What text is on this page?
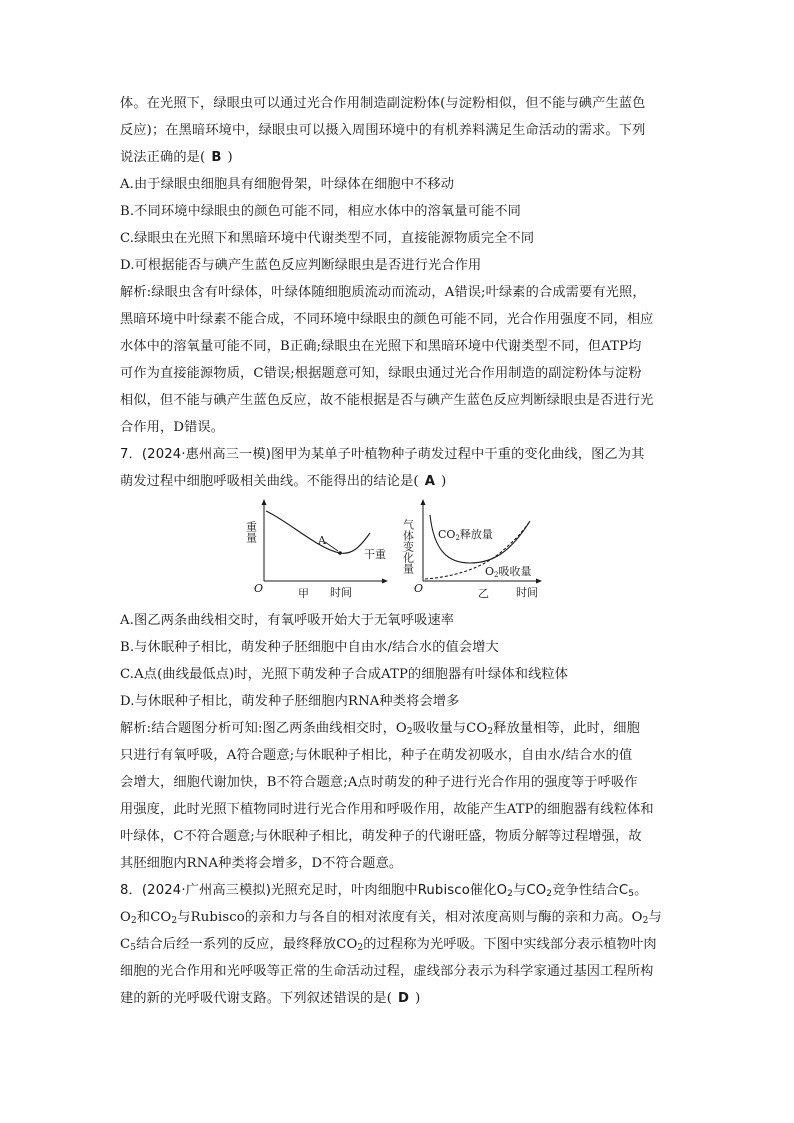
体。在光照下，绿眼虫可以通过光合作用制造副淀粉体(与淀粉相似，但不能与碘产生蓝色
反应)；在黑暗环境中，绿眼虫可以摄入周围环境中的有机养料满足生命活动的需求。下列
说法正确的是( B )
A.由于绿眼虫细胞具有细胞骨架，叶绿体在细胞中不移动
B.不同环境中绿眼虫的颜色可能不同，相应水体中的溶氧量可能不同
C.绿眼虫在光照下和黑暗环境中代谢类型不同，直接能源物质完全不同
D.可根据能否与碘产生蓝色反应判断绿眼虫是否进行光合作用
解析:绿眼虫含有叶绿体，叶绿体随细胞质流动而流动，A错误;叶绿素的合成需要有光照，
黑暗环境中叶绿素不能合成，不同环境中绿眼虫的颜色可能不同，光合作用强度不同，相应
水体中的溶氧量可能不同，B正确;绿眼虫在光照下和黑暗环境中代谢类型不同，但ATP均
可作为直接能源物质，C错误;根据题意可知，绿眼虫通过光合作用制造的副淀粉体与淀粉
相似，但不能与碘产生蓝色反应，故不能根据是否与碘产生蓝色反应判断绿眼虫是否进行光
合作用，D错误。
7．(2024·惠州高三一模)图甲为某单子叶植物种子萌发过程中干重的变化曲线，图乙为其
萌发过程中细胞呼吸相关曲线。不能得出的结论是( A )
重量
O
A
干重
甲 时间
气体变化量
O
CO2释放量
O2吸收量
乙 时间
A.图乙两条曲线相交时，有氧呼吸开始大于无氧呼吸速率
B.与休眠种子相比，萌发种子胚细胞中自由水/结合水的值会增大
C.A点(曲线最低点)时，光照下萌发种子合成ATP的细胞器有叶绿体和线粒体
D.与休眠种子相比，萌发种子胚细胞内RNA种类将会增多
解析:结合题图分析可知:图乙两条曲线相交时，$O_2$吸收量与$CO_2$释放量相等，此时，细胞
只进行有氧呼吸，A符合题意;与休眠种子相比，种子在萌发初吸水，自由水/结合水的值
会增大，细胞代谢加快，B不符合题意;A点时萌发的种子进行光合作用的强度等于呼吸作
用强度，此时光照下植物同时进行光合作用和呼吸作用，故能产生ATP的细胞器有线粒体和
叶绿体，C不符合题意;与休眠种子相比，萌发种子的代谢旺盛，物质分解等过程增强，故
其胚细胞内RNA种类将会增多，D不符合题意。
8．(2024·广州高三模拟)光照充足时，叶肉细胞中Rubisco催化$O_2$与$CO_2$竞争性结合$C_5$。
$O_2$和$CO_2$与Rubisco的亲和力与各自的相对浓度有关，相对浓度高则与酶的亲和力高。$O_2$与
$C_5$结合后经一系列的反应，最终释放$CO_2$的过程称为光呼吸。下图中实线部分表示植物叶肉
细胞的光合作用和光呼吸等正常的生命活动过程，虚线部分表示为科学家通过基因工程所构
建的新的光呼吸代谢支路。下列叙述错误的是( D )
